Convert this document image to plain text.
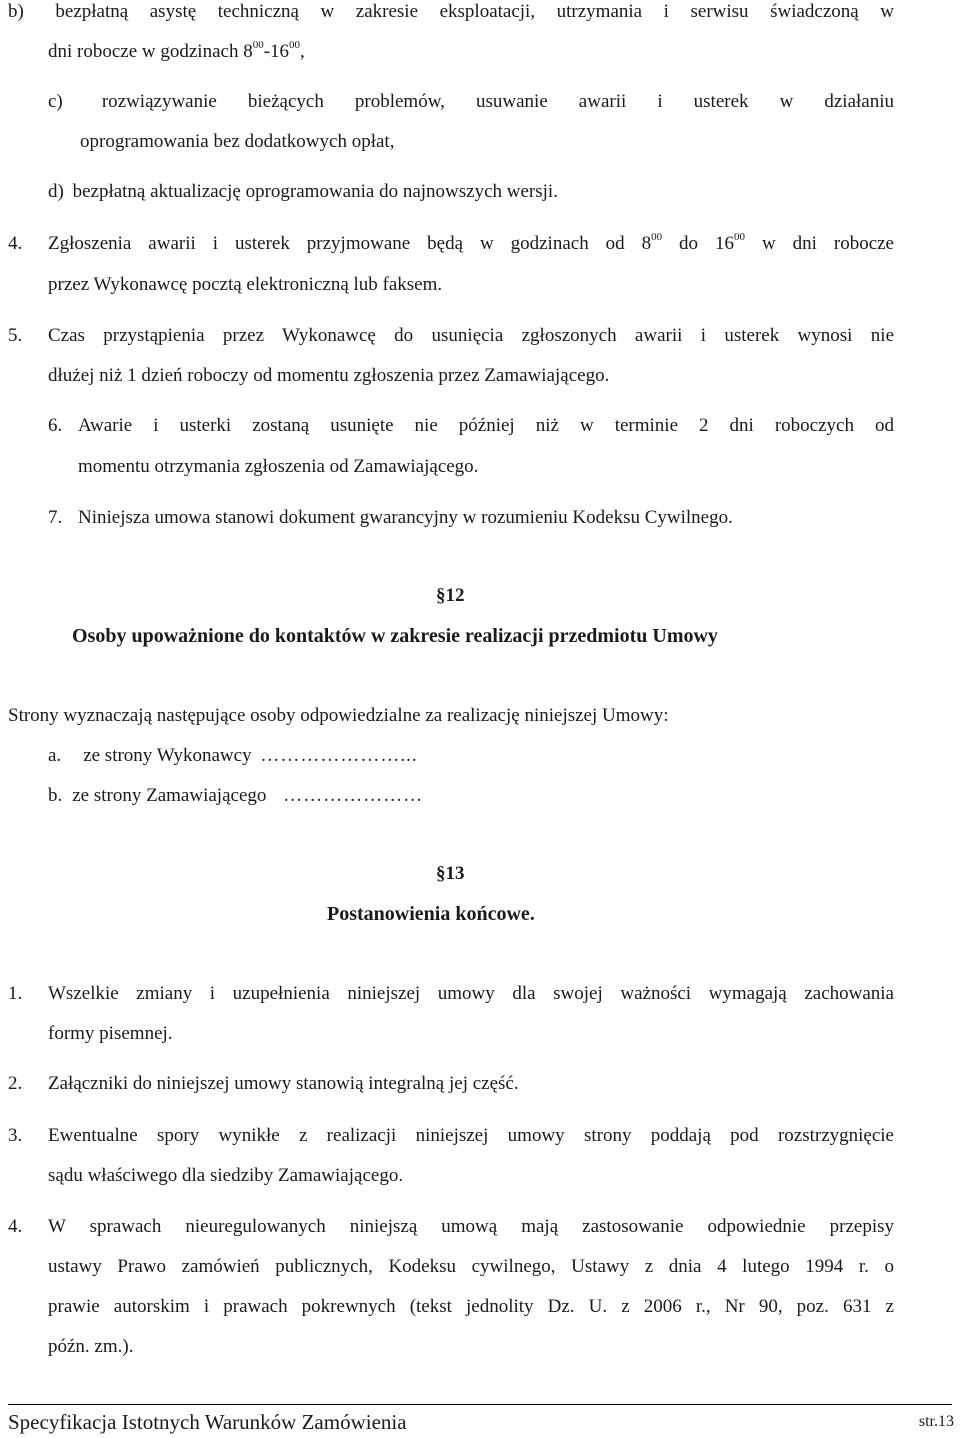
b) bezpłatną asystę techniczną w zakresie eksploatacji, utrzymania i serwisu świadczoną w
dni robocze w godzinach $8^{00}-16^{00}$,
c) rozwiązywanie bieżących problemów, usuwanie awarii i usterek w działaniu
oprogramowania bez dodatkowych opłat,
d) bezpłatną aktualizację oprogramowania do najnowszych wersji.
4. Zgłoszenia awarii i usterek przyjmowane będą w godzinach od $8^{00}$ do $16^{00}$ w dni robocze
przez Wykonawcę pocztą elektroniczną lub faksem.
5. Czas przystąpienia przez Wykonawcę do usunięcia zgłoszonych awarii i usterek wynosi nie
dłużej niż 1 dzień roboczy od momentu zgłoszenia przez Zamawiającego.
6. Awarie i usterki zostaną usunięte nie później niż w terminie 2 dni roboczych od
momentu otrzymania zgłoszenia od Zamawiającego.
7. Niniejsza umowa stanowi dokument gwarancyjny w rozumieniu Kodeksu Cywilnego.
§12
Osoby upoważnione do kontaktów w zakresie realizacji przedmiotu Umowy
Strony wyznaczają następujące osoby odpowiedzialne za realizację niniejszej Umowy:
a. ze strony Wykonawcy …………………...
b. ze strony Zamawiającego …………………
§13
Postanowienia końcowe.
1. Wszelkie zmiany i uzupełnienia niniejszej umowy dla swojej ważności wymagają zachowania
formy pisemnej.
2. Załączniki do niniejszej umowy stanowią integralną jej część.
3. Ewentualne spory wynikłe z realizacji niniejszej umowy strony poddają pod rozstrzygnięcie
sądu właściwego dla siedziby Zamawiającego.
4. W sprawach nieuregulowanych niniejszą umową mają zastosowanie odpowiednie przepisy
ustawy Prawo zamówień publicznych, Kodeksu cywilnego, Ustawy z dnia 4 lutego 1994 r. o
prawie autorskim i prawach pokrewnych (tekst jednolity Dz. U. z 2006 r., Nr 90, poz. 631 z
późn. zm.).
Specyfikacja Istotnych Warunków Zamówienia	str.13
